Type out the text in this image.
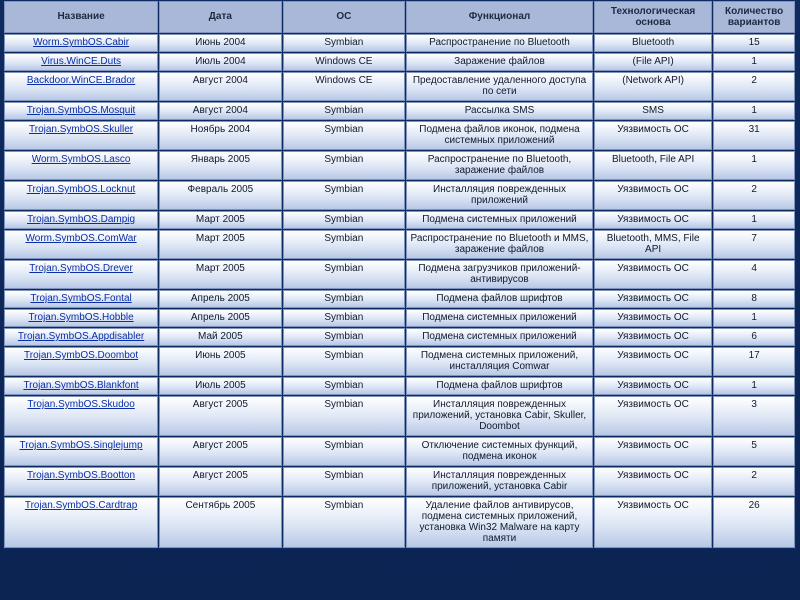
Название	Дата	ОС	Функционал	Технологическая основа	Количество вариантов
Worm.SymbOS.Cabir	Июнь 2004	Symbian	Распространение по Bluetooth	Bluetooth	15
Virus.WinCE.Duts	Июль 2004	Windows CE	Заражение файлов	(File API)	1
Backdoor.WinCE.Brador	Август 2004	Windows CE	Предоставление удаленного доступа по сети	(Network API)	2
Trojan.SymbOS.Mosquit	Август 2004	Symbian	Рассылка SMS	SMS	1
Trojan.SymbOS.Skuller	Ноябрь 2004	Symbian	Подмена файлов иконок, подмена системных приложений	Уязвимость ОС	31
Worm.SymbOS.Lasco	Январь 2005	Symbian	Распространение по Bluetooth, заражение файлов	Bluetooth, File API	1
Trojan.SymbOS.Locknut	Февраль 2005	Symbian	Инсталляция поврежденных приложений	Уязвимость ОС	2
Trojan.SymbOS.Dampig	Март 2005	Symbian	Подмена системных приложений	Уязвимость ОС	1
Worm.SymbOS.ComWar	Март 2005	Symbian	Распространение по Bluetooth и MMS, заражение файлов	Bluetooth, MMS, File API	7
Trojan.SymbOS.Drever	Март 2005	Symbian	Подмена загрузчиков приложений-антивирусов	Уязвимость ОС	4
Trojan.SymbOS.Fontal	Апрель 2005	Symbian	Подмена файлов шрифтов	Уязвимость ОС	8
Trojan.SymbOS.Hobble	Апрель 2005	Symbian	Подмена системных приложений	Уязвимость ОС	1
Trojan.SymbOS.Appdisabler	Май 2005	Symbian	Подмена системных приложений	Уязвимость ОС	6
Trojan.SymbOS.Doombot	Июнь 2005	Symbian	Подмена системных приложений, инсталляция Comwar	Уязвимость ОС	17
Trojan.SymbOS.Blankfont	Июль 2005	Symbian	Подмена файлов шрифтов	Уязвимость ОС	1
Trojan.SymbOS.Skudoo	Август 2005	Symbian	Инсталляция поврежденных приложений, установка Cabir, Skuller, Doombot	Уязвимость ОС	3
Trojan.SymbOS.Singlejump	Август 2005	Symbian	Отключение системных функций, подмена иконок	Уязвимость ОС	5
Trojan.SymbOS.Bootton	Август 2005	Symbian	Инсталляция поврежденных приложений, установка Cabir	Уязвимость ОС	2
Trojan.SymbOS.Cardtrap	Сентябрь 2005	Symbian	Удаление файлов антивирусов, подмена системных приложений, установка Win32 Malware на карту памяти	Уязвимость ОС	26
